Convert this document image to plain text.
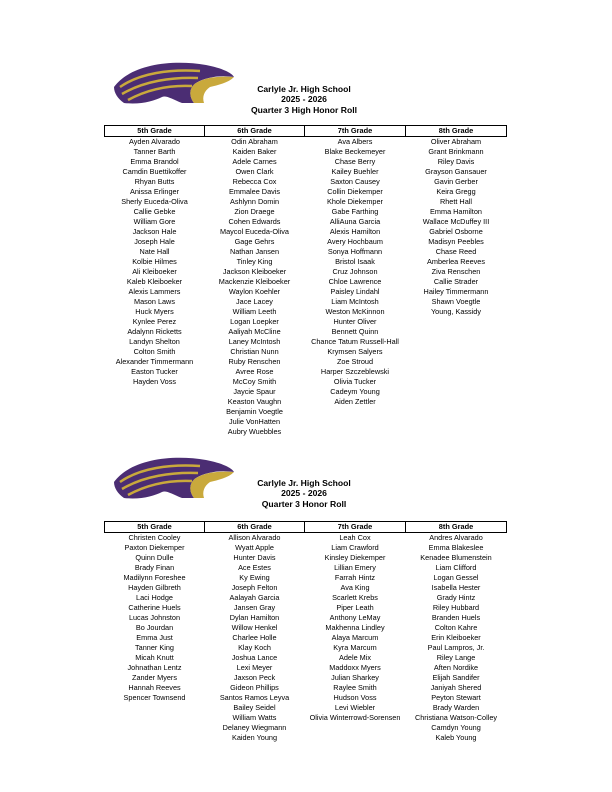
Carlyle Jr. High School
2025 - 2026
Quarter 3 High Honor Roll
5th Grade	6th Grade	7th Grade	8th Grade
Ayden Alvarado	Odin Abraham	Ava Albers	Oliver Abraham
Tanner Barth	Kaiden Baker	Blake Beckemeyer	Grant Brinkmann
Emma Brandol	Adele Carnes	Chase Berry	Riley Davis
Camdin Buettikoffer	Owen Clark	Kailey Buehler	Grayson Gansauer
Rhyan Butts	Rebecca Cox	Saxton Causey	Gavin Gerber
Anissa Erlinger	Emmalee Davis	Collin Diekemper	Keira Gregg
Sherly Euceda-Oliva	Ashlynn Domin	Khole Diekemper	Rhett Hall
Callie Gebke	Zion Draege	Gabe Farthing	Emma Hamilton
William Gore	Cohen Edwards	AlliAuna Garcia	Wallace McDuffey III
Jackson Hale	Maycol Euceda-Oliva	Alexis Hamilton	Gabriel Osborne
Joseph Hale	Gage Gehrs	Avery Hochbaum	Madisyn Peebles
Nate Hall	Nathan Jansen	Sonya Hoffmann	Chase Reed
Kolbie Hilmes	Tinley King	Bristol Isaak	Amberlea Reeves
Ali Kleiboeker	Jackson Kleiboeker	Cruz Johnson	Ziva Renschen
Kaleb Kleiboeker	Mackenzie Kleiboeker	Chloe Lawrence	Callie Strader
Alexis Lammers	Waylon Koehler	Paisley Lindahl	Hailey Timmermann
Mason Laws	Jace Lacey	Liam McIntosh	Shawn Voegtle
Huck Myers	William Leeth	Weston McKinnon	Young, Kassidy
Kynlee Perez	Logan Loepker	Hunter Oliver	
Adalynn Ricketts	Aaliyah McCline	Bennett Quinn	
Landyn Shelton	Laney McIntosh	Chance Tatum Russell-Hall	
Colton Smith	Christian Nunn	Krymsen Salyers	
Alexander Timmermann	Ruby Renschen	Zoe Stroud	
Easton Tucker	Avree Rose	Harper Szczeblewski	
Hayden Voss	McCoy Smith	Olivia Tucker	
	Jaycie Spaur	Cadeym Young	
	Keaston Vaughn	Aiden Zettler	
	Benjamin Voegtle		
	Julie VonHatten		
	Aubry Wuebbles		
Carlyle Jr. High School
2025 - 2026
Quarter 3 Honor Roll
5th Grade	6th Grade	7th Grade	8th Grade
Christen Cooley	Allison Alvarado	Leah Cox	Andres Alvarado
Paxton Diekemper	Wyatt Apple	Liam Crawford	Emma Blakeslee
Quinn Dulle	Hunter Davis	Kinsley Diekemper	Kenadee Blumenstein
Brady Finan	Ace Estes	Lillian Emery	Liam Clifford
Madilynn Foreshee	Ky Ewing	Farrah Hintz	Logan Gessel
Hayden Gilbreth	Joseph Felton	Ava King	Isabella Hester
Laci Hodge	Aalayah Garcia	Scarlett Krebs	Grady Hintz
Catherine Huels	Jansen Gray	Piper Leath	Riley Hubbard
Lucas Johnston	Dylan Hamilton	Anthony LeMay	Branden Huels
Bo Jourdan	Willow Henkel	Makhenna Lindley	Colton Kahre
Emma Just	Charlee Holle	Alaya Marcum	Erin Kleiboeker
Tanner King	Klay Koch	Kyra Marcum	Paul Lampros, Jr.
Micah Knutt	Joshua Lance	Adele Mix	Riley Lange
Johnathan Lentz	Lexi Meyer	Maddoxx Myers	Aften Nordike
Zander Myers	Jaxson Peck	Julian Sharkey	Elijah Sandifer
Hannah Reeves	Gideon Phillips	Raylee Smith	Janiyah Shered
Spencer Townsend	Santos Ramos Leyva	Hudson Voss	Peyton Stewart
	Bailey Seidel	Levi Wiebler	Brady Warden
	William Watts	Olivia Winterrowd-Sorensen	Christiana Watson-Colley
	Delaney Wiegmann		Camdyn Young
	Kaiden Young		Kaleb Young
